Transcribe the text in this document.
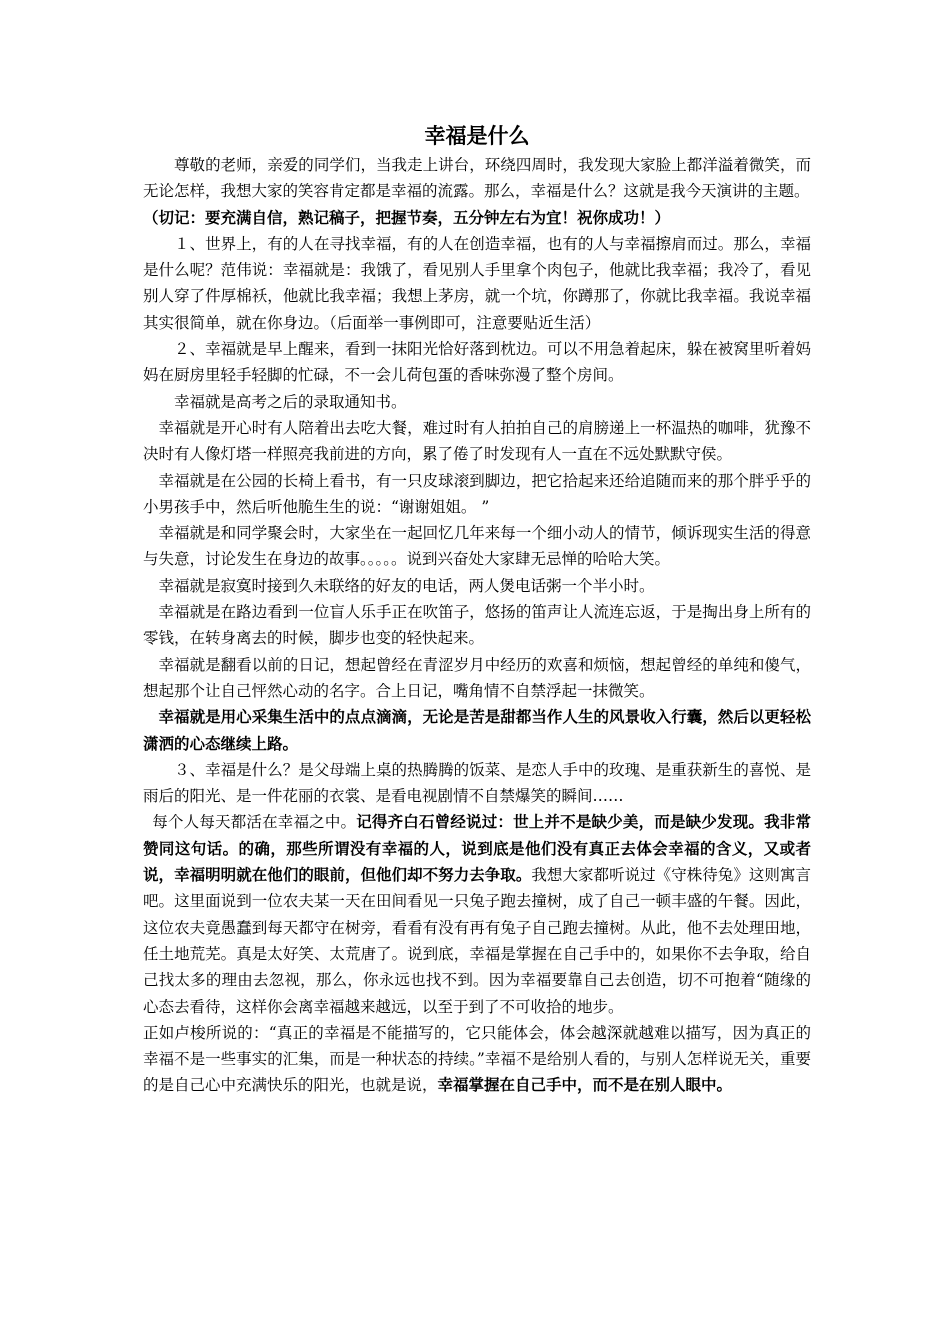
幸福是什么

尊敬的老师，亲爱的同学们，当我走上讲台，环绕四周时，我发现大家脸上都洋溢着微笑，而无论怎样，我想大家的笑容肯定都是幸福的流露。那么，幸福是什么？这就是我今天演讲的主题。

（切记：要充满自信，熟记稿子，把握节奏，五分钟左右为宜！祝你成功！）

１、世界上，有的人在寻找幸福，有的人在创造幸福，也有的人与幸福擦肩而过。那么，幸福是什么呢？范伟说：幸福就是：我饿了，看见别人手里拿个肉包子，他就比我幸福；我冷了，看见别人穿了件厚棉袄，他就比我幸福；我想上茅房，就一个坑，你蹲那了，你就比我幸福。我说幸福其实很简单，就在你身边。（后面举一事例即可，注意要贴近生活）

２、幸福就是早上醒来，看到一抹阳光恰好落到枕边。可以不用急着起床，躲在被窝里听着妈妈在厨房里轻手轻脚的忙碌，不一会儿荷包蛋的香味弥漫了整个房间。

幸福就是高考之后的录取通知书。

幸福就是开心时有人陪着出去吃大餐，难过时有人拍拍自己的肩膀递上一杯温热的咖啡，犹豫不决时有人像灯塔一样照亮我前进的方向，累了倦了时发现有人一直在不远处默默守侯。

幸福就是在公园的长椅上看书，有一只皮球滚到脚边，把它拾起来还给追随而来的那个胖乎乎的小男孩手中，然后听他脆生生的说：“谢谢姐姐。 ”

幸福就是和同学聚会时，大家坐在一起回忆几年来每一个细小动人的情节，倾诉现实生活的得意与失意，讨论发生在身边的故事。。。。。说到兴奋处大家肆无忌惮的哈哈大笑。

幸福就是寂寞时接到久未联络的好友的电话，两人煲电话粥一个半小时。

幸福就是在路边看到一位盲人乐手正在吹笛子，悠扬的笛声让人流连忘返，于是掏出身上所有的零钱，在转身离去的时候，脚步也变的轻快起来。

幸福就是翻看以前的日记，想起曾经在青涩岁月中经历的欢喜和烦恼，想起曾经的单纯和傻气，想起那个让自己怦然心动的名字。合上日记，嘴角情不自禁浮起一抹微笑。

幸福就是用心采集生活中的点点滴滴，无论是苦是甜都当作人生的风景收入行囊，然后以更轻松潇洒的心态继续上路。

３、幸福是什么？是父母端上桌的热腾腾的饭菜、是恋人手中的玫瑰、是重获新生的喜悦、是雨后的阳光、是一件花丽的衣裳、是看电视剧情不自禁爆笑的瞬间……

每个人每天都活在幸福之中。记得齐白石曾经说过：世上并不是缺少美，而是缺少发现。我非常赞同这句话。的确，那些所谓没有幸福的人，说到底是他们没有真正去体会幸福的含义，又或者说，幸福明明就在他们的眼前，但他们却不努力去争取。我想大家都听说过《守株待兔》这则寓言吧。这里面说到一位农夫某一天在田间看见一只兔子跑去撞树，成了自己一顿丰盛的午餐。因此，这位农夫竟愚蠢到每天都守在树旁，看看有没有再有兔子自己跑去撞树。从此，他不去处理田地，任土地荒芜。真是太好笑、太荒唐了。说到底，幸福是掌握在自己手中的，如果你不去争取，给自己找太多的理由去忽视，那么，你永远也找不到。因为幸福要靠自己去创造，切不可抱着“随缘的心态去看待，这样你会离幸福越来越远，以至于到了不可收拾的地步。

正如卢梭所说的：“真正的幸福是不能描写的，它只能体会，体会越深就越难以描写，因为真正的幸福不是一些事实的汇集，而是一种状态的持续。”幸福不是给别人看的，与别人怎样说无关，重要的是自己心中充满快乐的阳光，也就是说，幸福掌握在自己手中，而不是在别人眼中。
